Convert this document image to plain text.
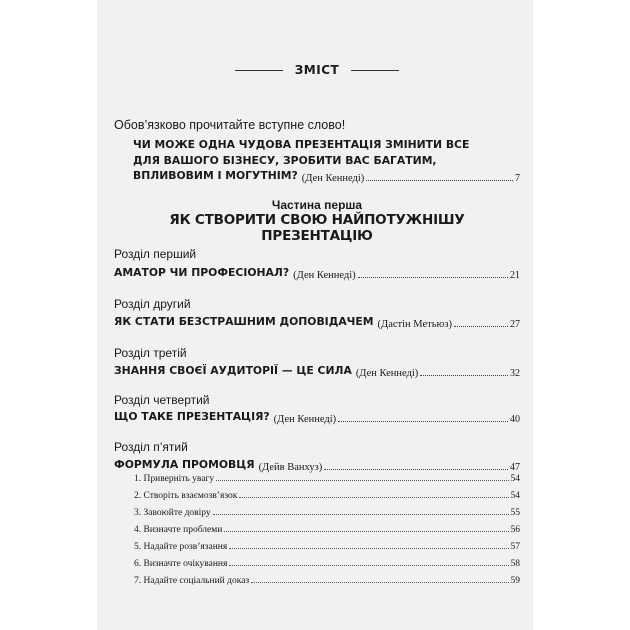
ЗМІСТ
Обов’язково прочитайте вступне слово!
ЧИ МОЖЕ ОДНА ЧУДОВА ПРЕЗЕНТАЦІЯ ЗМІНИТИ ВСЕ
ДЛЯ ВАШОГО БІЗНЕСУ, ЗРОБИТИ ВАС БАГАТИМ,
ВПЛИВОВИМ І МОГУТНІМ? (Ден Кеннеді)	7
Частина перша
ЯК СТВОРИТИ СВОЮ НАЙПОТУЖНІШУ ПРЕЗЕНТАЦІЮ
Розділ перший
АМАТОР ЧИ ПРОФЕСІОНАЛ? (Ден Кеннеді)	21
Розділ другий
ЯК СТАТИ БЕЗСТРАШНИМ ДОПОВІДАЧЕМ (Дастін Метьюз)	27
Розділ третій
ЗНАННЯ СВОЄЇ АУДИТОРІЇ — ЦЕ СИЛА (Ден Кеннеді)	32
Розділ четвертий
ЩО ТАКЕ ПРЕЗЕНТАЦІЯ? (Ден Кеннеді)	40
Розділ п’ятий
ФОРМУЛА ПРОМОВЦЯ (Дейв Ванхуз)	47
1. Приверніть увагу	54
2. Створіть взаємозв’язок	54
3. Завоюйте довіру	55
4. Визначте проблеми	56
5. Надайте розв’язання	57
6. Визначте очікування	58
7. Надайте соціальний доказ	59
